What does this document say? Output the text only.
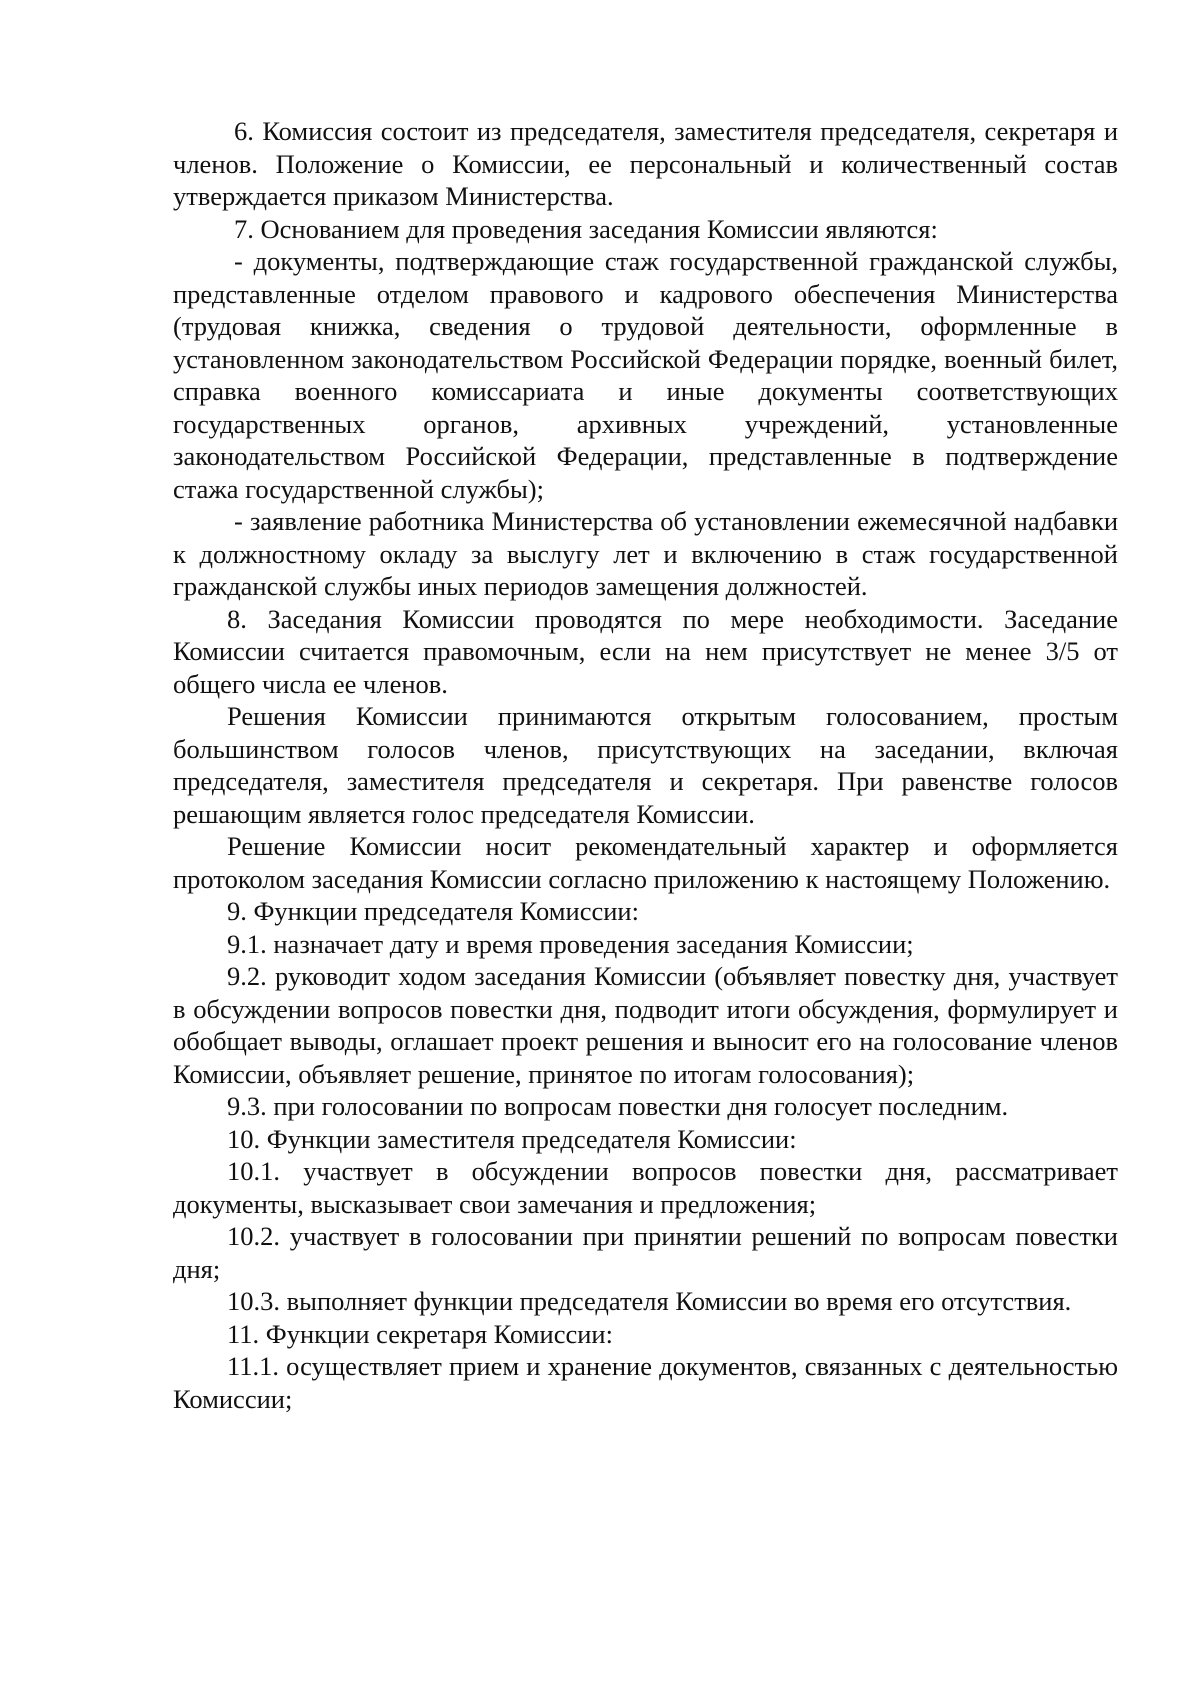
6. Комиссия состоит из председателя, заместителя председателя, секретаря и членов. Положение о Комиссии, ее персональный и количественный состав утверждается приказом Министерства.

7. Основанием для проведения заседания Комиссии являются:

- документы, подтверждающие стаж государственной гражданской службы, представленные отделом правового и кадрового обеспечения Министерства (трудовая книжка, сведения о трудовой деятельности, оформленные в установленном законодательством Российской Федерации порядке, военный билет, справка военного комиссариата и иные документы соответствующих государственных органов, архивных учреждений, установленные законодательством Российской Федерации, представленные в подтверждение стажа государственной службы);

- заявление работника Министерства об установлении ежемесячной надбавки к должностному окладу за выслугу лет и включению в стаж государственной гражданской службы иных периодов замещения должностей.

8. Заседания Комиссии проводятся по мере необходимости. Заседание Комиссии считается правомочным, если на нем присутствует не менее 3/5 от общего числа ее членов.

Решения Комиссии принимаются открытым голосованием, простым большинством голосов членов, присутствующих на заседании, включая председателя, заместителя председателя и секретаря. При равенстве голосов решающим является голос председателя Комиссии.

Решение Комиссии носит рекомендательный характер и оформляется протоколом заседания Комиссии согласно приложению к настоящему Положению.

9. Функции председателя Комиссии:

9.1. назначает дату и время проведения заседания Комиссии;

9.2. руководит ходом заседания Комиссии (объявляет повестку дня, участвует в обсуждении вопросов повестки дня, подводит итоги обсуждения, формулирует и обобщает выводы, оглашает проект решения и выносит его на голосование членов Комиссии, объявляет решение, принятое по итогам голосования);

9.3. при голосовании по вопросам повестки дня голосует последним.

10. Функции заместителя председателя Комиссии:

10.1. участвует в обсуждении вопросов повестки дня, рассматривает документы, высказывает свои замечания и предложения;

10.2. участвует в голосовании при принятии решений по вопросам повестки дня;

10.3. выполняет функции председателя Комиссии во время его отсутствия.

11. Функции секретаря Комиссии:

11.1. осуществляет прием и хранение документов, связанных с деятельностью Комиссии;
